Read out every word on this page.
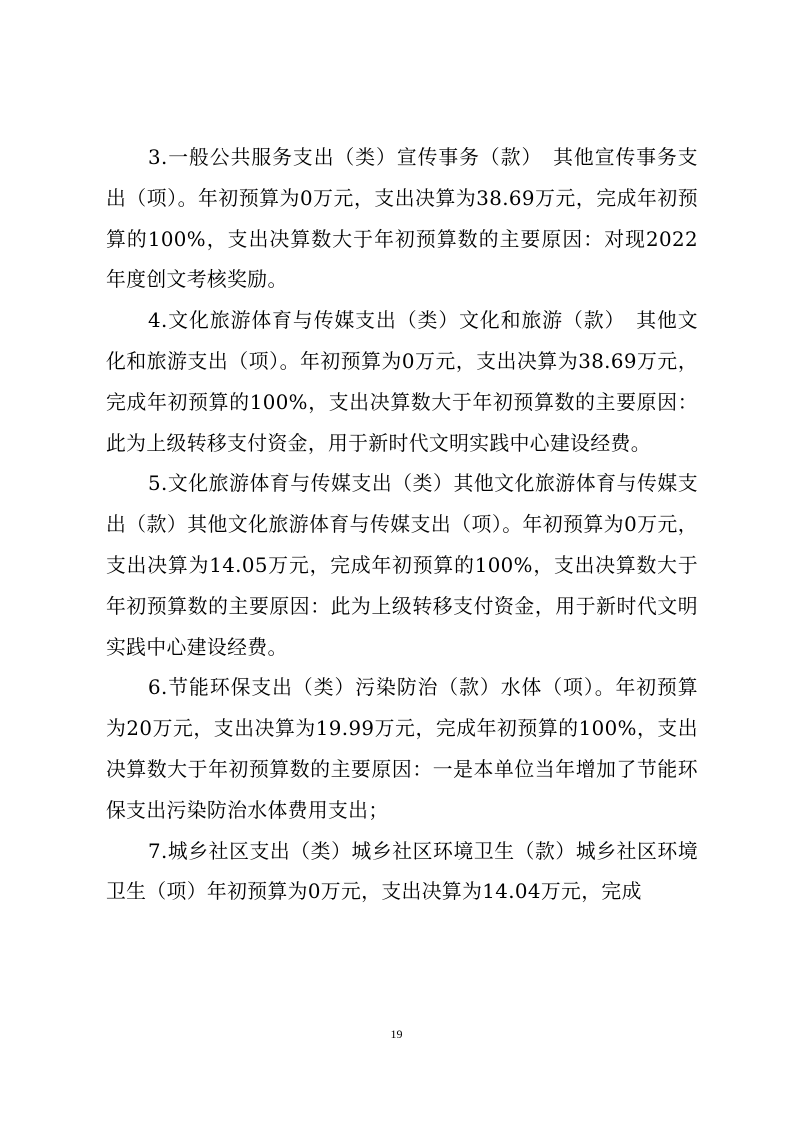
3.一般公共服务支出（类）宣传事务（款）　其他宣传事务支出（项）。年初预算为0万元，支出决算为38.69万元，完成年初预算的100%，支出决算数大于年初预算数的主要原因：对现2022年度创文考核奖励。

4.文化旅游体育与传媒支出（类）文化和旅游（款）　其他文化和旅游支出（项）。年初预算为0万元，支出决算为38.69万元，完成年初预算的100%，支出决算数大于年初预算数的主要原因：此为上级转移支付资金，用于新时代文明实践中心建设经费。

5.文化旅游体育与传媒支出（类）其他文化旅游体育与传媒支出（款）其他文化旅游体育与传媒支出（项）。年初预算为0万元，支出决算为14.05万元，完成年初预算的100%，支出决算数大于年初预算数的主要原因：此为上级转移支付资金，用于新时代文明实践中心建设经费。

6.节能环保支出（类）污染防治（款）水体（项）。年初预算为20万元，支出决算为19.99万元，完成年初预算的100%，支出决算数大于年初预算数的主要原因：一是本单位当年增加了节能环保支出污染防治水体费用支出；

7.城乡社区支出（类）城乡社区环境卫生（款）城乡社区环境卫生（项）年初预算为0万元，支出决算为14.04万元，完成

19
